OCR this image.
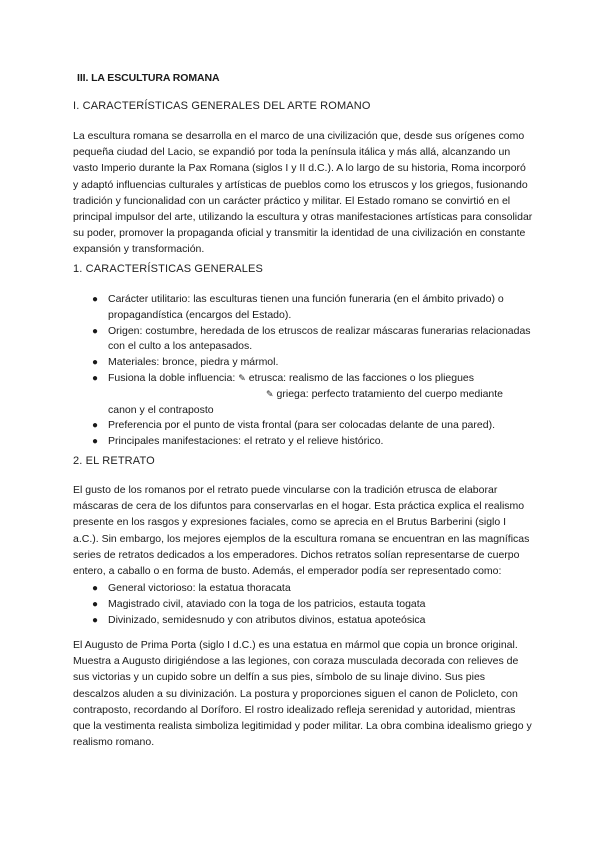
III. LA ESCULTURA ROMANA
I. CARACTERÍSTICAS GENERALES DEL ARTE ROMANO

La escultura romana se desarrolla en el marco de una civilización que, desde sus orígenes como pequeña ciudad del Lacio, se expandió por toda la península itálica y más allá, alcanzando un vasto Imperio durante la Pax Romana (siglos I y II d.C.). A lo largo de su historia, Roma incorporó y adaptó influencias culturales y artísticas de pueblos como los etruscos y los griegos, fusionando tradición y funcionalidad con un carácter práctico y militar. El Estado romano se convirtió en el principal impulsor del arte, utilizando la escultura y otras manifestaciones artísticas para consolidar su poder, promover la propaganda oficial y transmitir la identidad de una civilización en constante expansión y transformación.

1. CARACTERÍSTICAS GENERALES
● Carácter utilitario: las esculturas tienen una función funeraria (en el ámbito privado) o propagandística (encargos del Estado).
● Origen: costumbre, heredada de los etruscos de realizar máscaras funerarias relacionadas con el culto a los antepasados.
● Materiales: bronce, piedra y mármol.
● Fusiona la doble influencia: ✎ etrusca: realismo de las facciones o los pliegues
✎ griega: perfecto tratamiento del cuerpo mediante
canon y el contraposto
● Preferencia por el punto de vista frontal (para ser colocadas delante de una pared).
● Principales manifestaciones: el retrato y el relieve histórico.
2. EL RETRATO

El gusto de los romanos por el retrato puede vincularse con la tradición etrusca de elaborar máscaras de cera de los difuntos para conservarlas en el hogar. Esta práctica explica el realismo presente en los rasgos y expresiones faciales, como se aprecia en el Brutus Barberini (siglo I a.C.). Sin embargo, los mejores ejemplos de la escultura romana se encuentran en las magníficas series de retratos dedicados a los emperadores. Dichos retratos solían representarse de cuerpo entero, a caballo o en forma de busto. Además, el emperador podía ser representado como:

● General victorioso: la estatua thoracata
● Magistrado civil, ataviado con la toga de los patricios, estauta togata
● Divinizado, semidesnudo y con atributos divinos, estatua apoteósica

El Augusto de Prima Porta (siglo I d.C.) es una estatua en mármol que copia un bronce original. Muestra a Augusto dirigiéndose a las legiones, con coraza musculada decorada con relieves de sus victorias y un cupido sobre un delfín a sus pies, símbolo de su linaje divino. Sus pies descalzos aluden a su divinización. La postura y proporciones siguen el canon de Policleto, con contraposto, recordando al Doríforo. El rostro idealizado refleja serenidad y autoridad, mientras que la vestimenta realista simboliza legitimidad y poder militar. La obra combina idealismo griego y realismo romano.
